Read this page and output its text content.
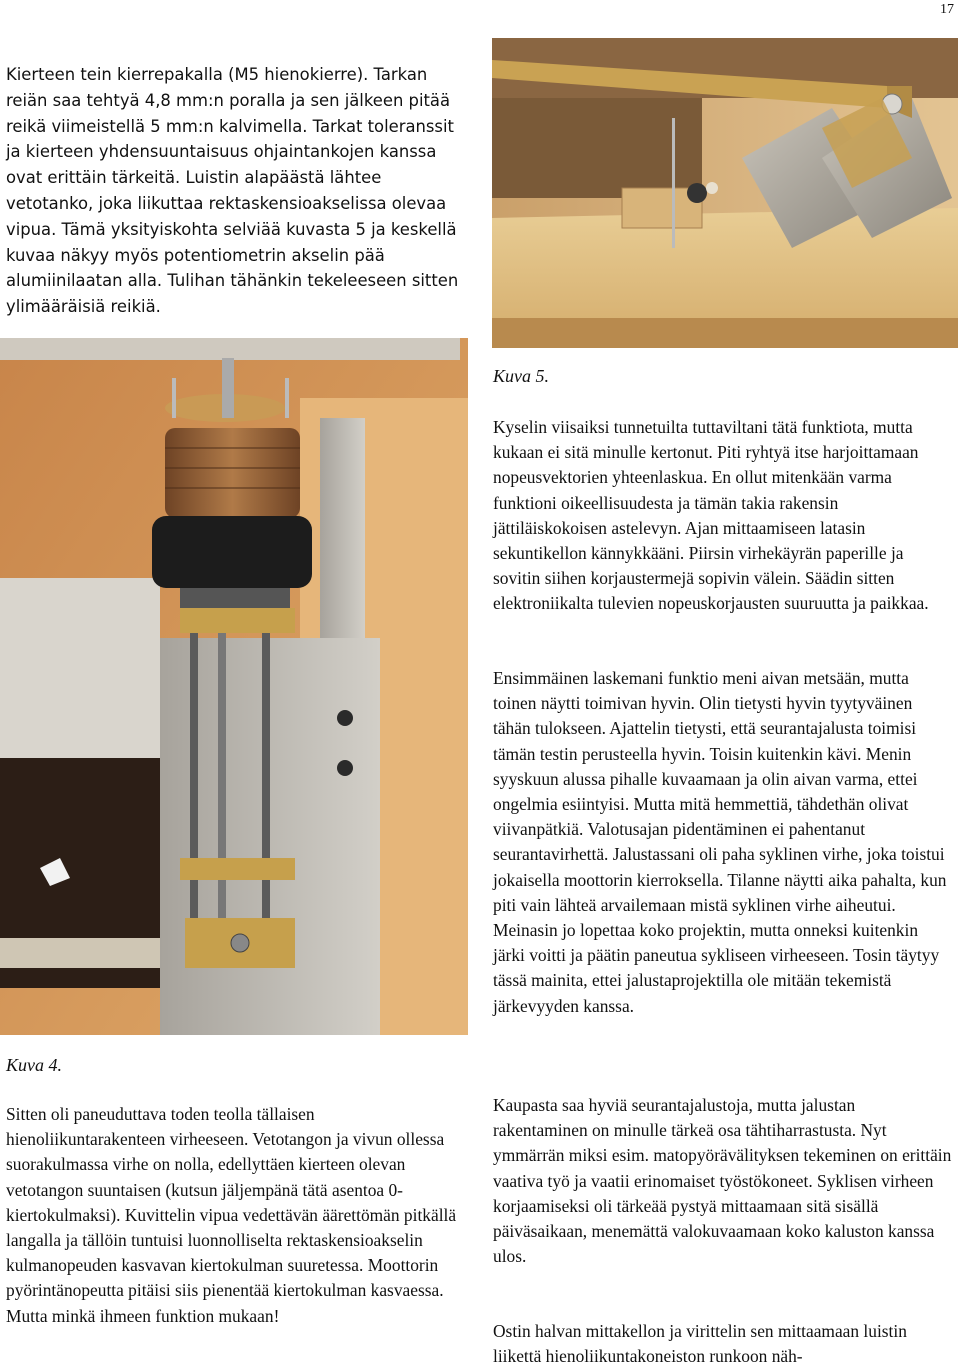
17

Kierteen tein kierrepakalla (M5 hienokierre). Tarkan reiän saa tehtyä 4,8 mm:n poralla ja sen jälkeen pitää reikä viimeistellä 5 mm:n kalvimella. Tarkat toleranssit ja kierteen yhdensuuntaisuus ohjaintankojen kanssa ovat erittäin tärkeitä. Luistin alapäästä lähtee vetotanko, joka liikuttaa rektaskensioakselissa olevaa vipua. Tämä yksityiskohta selviää kuvasta 5 ja keskellä kuvaa näkyy myös potentiometrin akselin pää alumiinilaatan alla. Tulihan tähänkin tekeleeseen sitten ylimääräisiä reikiä.

Kuva 4.

Kuva 5.

Sitten oli paneuduttava toden teolla tällaisen hienoliikuntarakenteen virheeseen. Vetotangon ja vivun ollessa suorakulmassa virhe on nolla, edellyttäen kierteen olevan vetotangon suuntaisen (kutsun jäljempänä tätä asentoa 0-kiertokulmaksi). Kuvittelin vipua vedettävän äärettömän pitkällä langalla ja tällöin tuntuisi luonnolliselta rektaskensioakselin kulmanopeuden kasvavan kiertokulman suuretessa. Moottorin pyörintänopeutta pitäisi siis pienentää kiertokulman kasvaessa. Mutta minkä ihmeen funktion mukaan!

Kyselin viisaiksi tunnetuilta tuttaviltani tätä funktiota, mutta kukaan ei sitä minulle kertonut. Piti ryhtyä itse harjoittamaan nopeusvektorien yhteenlaskua. En ollut mitenkään varma funktioni oikeellisuudesta ja tämän takia rakensin jättiläiskokoisen astelevyn. Ajan mittaamiseen latasin sekuntikellon kännykkääni. Piirsin virhekäyrän paperille ja sovitin siihen korjaustermejä sopivin välein. Säädin sitten elektroniikalta tulevien nopeuskorjausten suuruutta ja paikkaa.

Ensimmäinen laskemani funktio meni aivan metsään, mutta toinen näytti toimivan hyvin. Olin tietysti hyvin tyytyväinen tähän tulokseen. Ajattelin tietysti, että seurantajalusta toimisi tämän testin perusteella hyvin. Toisin kuitenkin kävi. Menin syyskuun alussa pihalle kuvaamaan ja olin aivan varma, ettei ongelmia esiintyisi. Mutta mitä hemmettiä, tähdethän olivat viivanpätkiä. Valotusajan pidentäminen ei pahentanut seurantavirhettä. Jalustassani oli paha syklinen virhe, joka toistui jokaisella moottorin kierroksella. Tilanne näytti aika pahalta, kun piti vain lähteä arvailemaan mistä syklinen virhe aiheutui. Meinasin jo lopettaa koko projektin, mutta onneksi kuitenkin järki voitti ja päätin paneutua sykliseen virheeseen. Tosin täytyy tässä mainita, ettei jalustaprojektilla ole mitään tekemistä järkevyyden kanssa.

Kaupasta saa hyviä seurantajalustoja, mutta jalustan rakentaminen on minulle tärkeä osa tähtiharrastusta. Nyt ymmärrän miksi esim. matopyörävälityksen tekeminen on erittäin vaativa työ ja vaatii erinomaiset työstökoneet. Syklisen virheen korjaamiseksi oli tärkeää pystyä mittaamaan sitä sisällä päiväsaikaan, menemättä valokuvaamaan koko kaluston kanssa ulos.

Ostin halvan mittakellon ja virittelin sen mittaamaan luistin liikettä hienoliikuntakoneiston runkoon näh-
